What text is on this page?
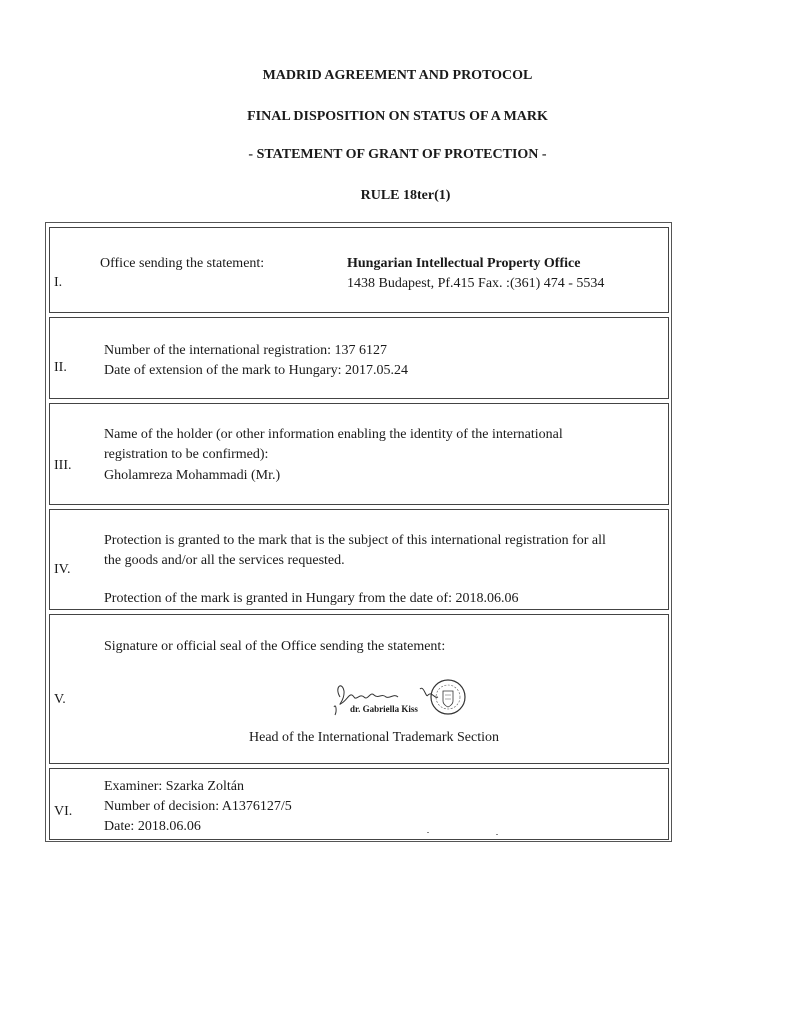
MADRID AGREEMENT AND PROTOCOL
FINAL DISPOSITION ON STATUS OF A MARK
- STATEMENT OF GRANT OF PROTECTION -
RULE 18ter(1)
I.
Office sending the statement:	Hungarian Intellectual Property Office
1438 Budapest, Pf.415 Fax. :(361) 474 - 5534
II.
Number of the international registration: 137 6127
Date of extension of the mark to Hungary: 2017.05.24
III.
Name of the holder (or other information enabling the identity of the international
registration to be confirmed):
Gholamreza Mohammadi (Mr.)
IV.
Protection is granted to the mark that is the subject of this international registration for all
the goods and/or all the services requested.
Protection of the mark is granted in Hungary from the date of: 2018.06.06
V.
Signature or official seal of the Office sending the statement:
dr. Gabriella Kiss
Head of the International Trademark Section
VI.
Examiner: Szarka Zoltán
Number of decision: A1376127/5
Date: 2018.06.06
